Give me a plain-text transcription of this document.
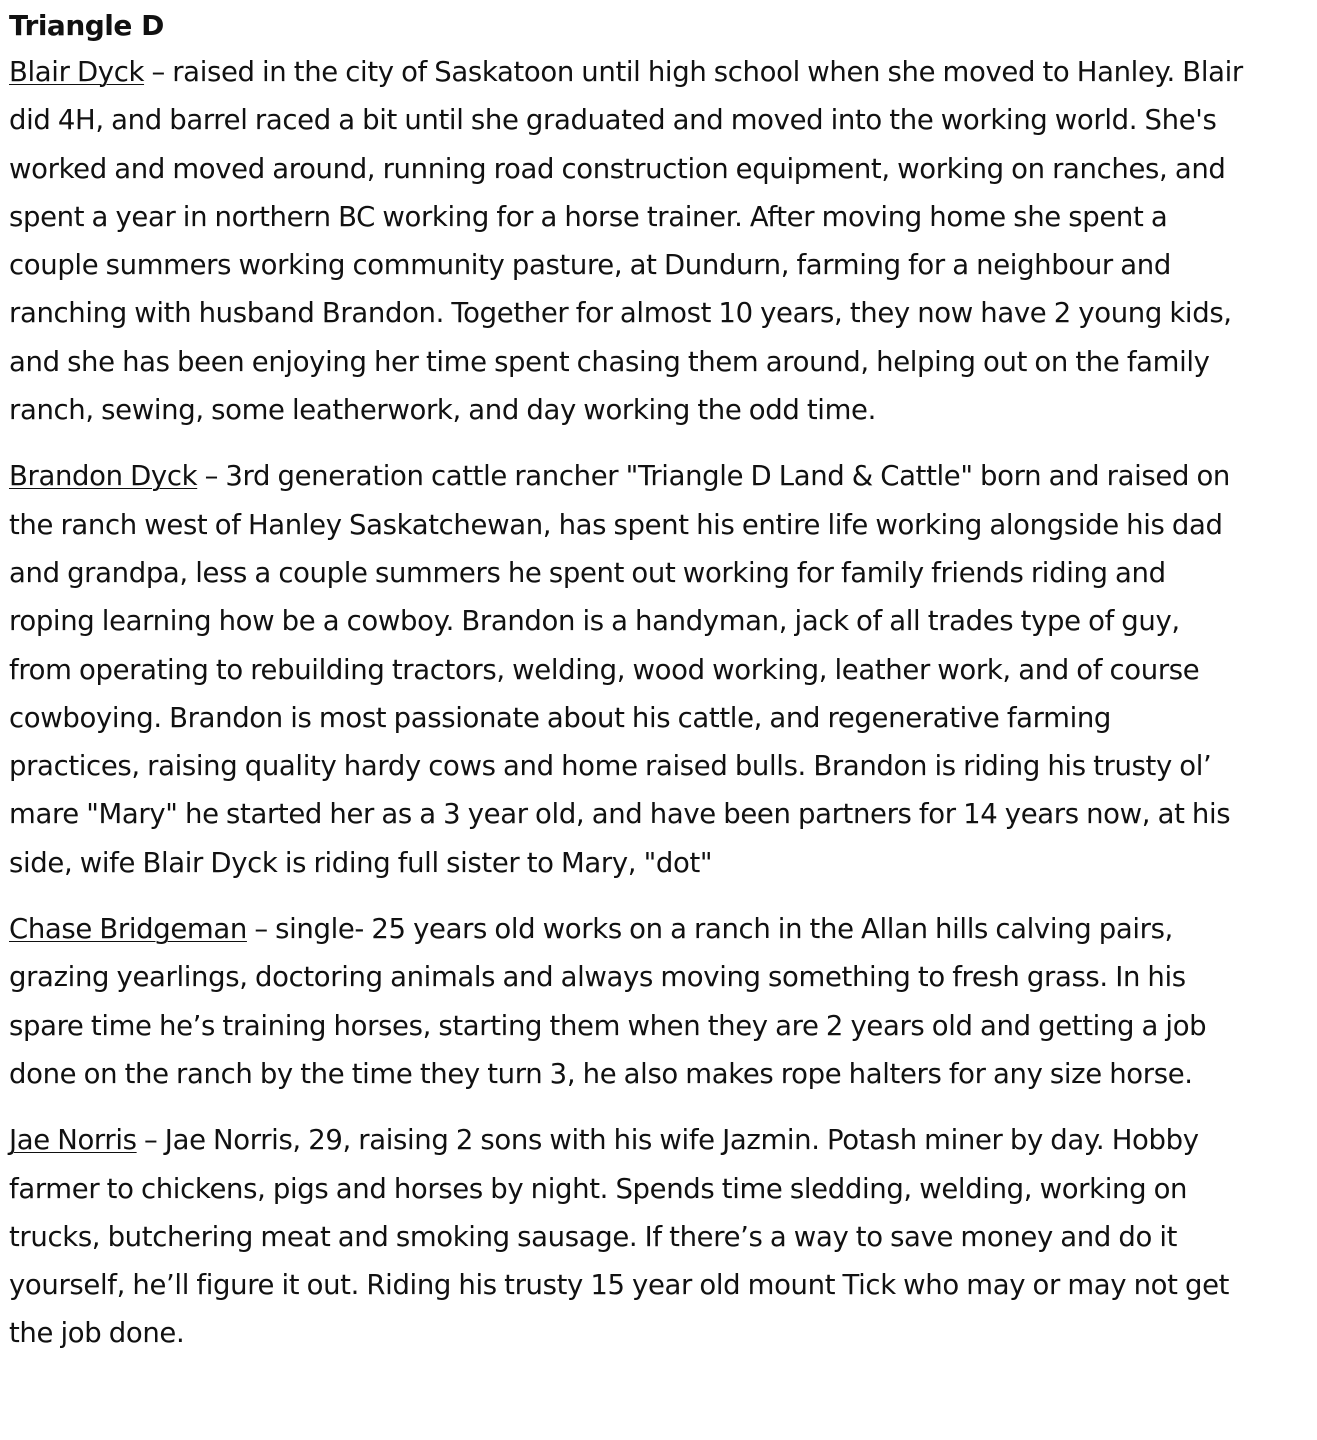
Triangle D

Blair Dyck – raised in the city of Saskatoon until high school when she moved to Hanley. Blair did 4H, and barrel raced a bit until she graduated and moved into the working world. She's worked and moved around, running road construction equipment, working on ranches, and spent a year in northern BC working for a horse trainer. After moving home she spent a couple summers working community pasture, at Dundurn, farming for a neighbour and ranching with husband Brandon. Together for almost 10 years, they now have 2 young kids, and she has been enjoying her time spent chasing them around, helping out on the family ranch, sewing, some leatherwork, and day working the odd time.

Brandon Dyck – 3rd generation cattle rancher "Triangle D Land & Cattle" born and raised on the ranch west of Hanley Saskatchewan, has spent his entire life working alongside his dad and grandpa, less a couple summers he spent out working for family friends riding and roping learning how be a cowboy. Brandon is a handyman, jack of all trades type of guy, from operating to rebuilding tractors, welding, wood working, leather work, and of course cowboying. Brandon is most passionate about his cattle, and regenerative farming practices, raising quality hardy cows and home raised bulls. Brandon is riding his trusty ol’ mare "Mary" he started her as a 3 year old, and have been partners for 14 years now, at his side, wife Blair Dyck is riding full sister to Mary, "dot"

Chase Bridgeman – single- 25 years old works on a ranch in the Allan hills calving pairs, grazing yearlings, doctoring animals and always moving something to fresh grass. In his spare time he’s training horses, starting them when they are 2 years old and getting a job done on the ranch by the time they turn 3, he also makes rope halters for any size horse.

Jae Norris – Jae Norris, 29, raising 2 sons with his wife Jazmin. Potash miner by day. Hobby farmer to chickens, pigs and horses by night. Spends time sledding, welding, working on trucks, butchering meat and smoking sausage. If there’s a way to save money and do it yourself, he’ll figure it out. Riding his trusty 15 year old mount Tick who may or may not get the job done.
